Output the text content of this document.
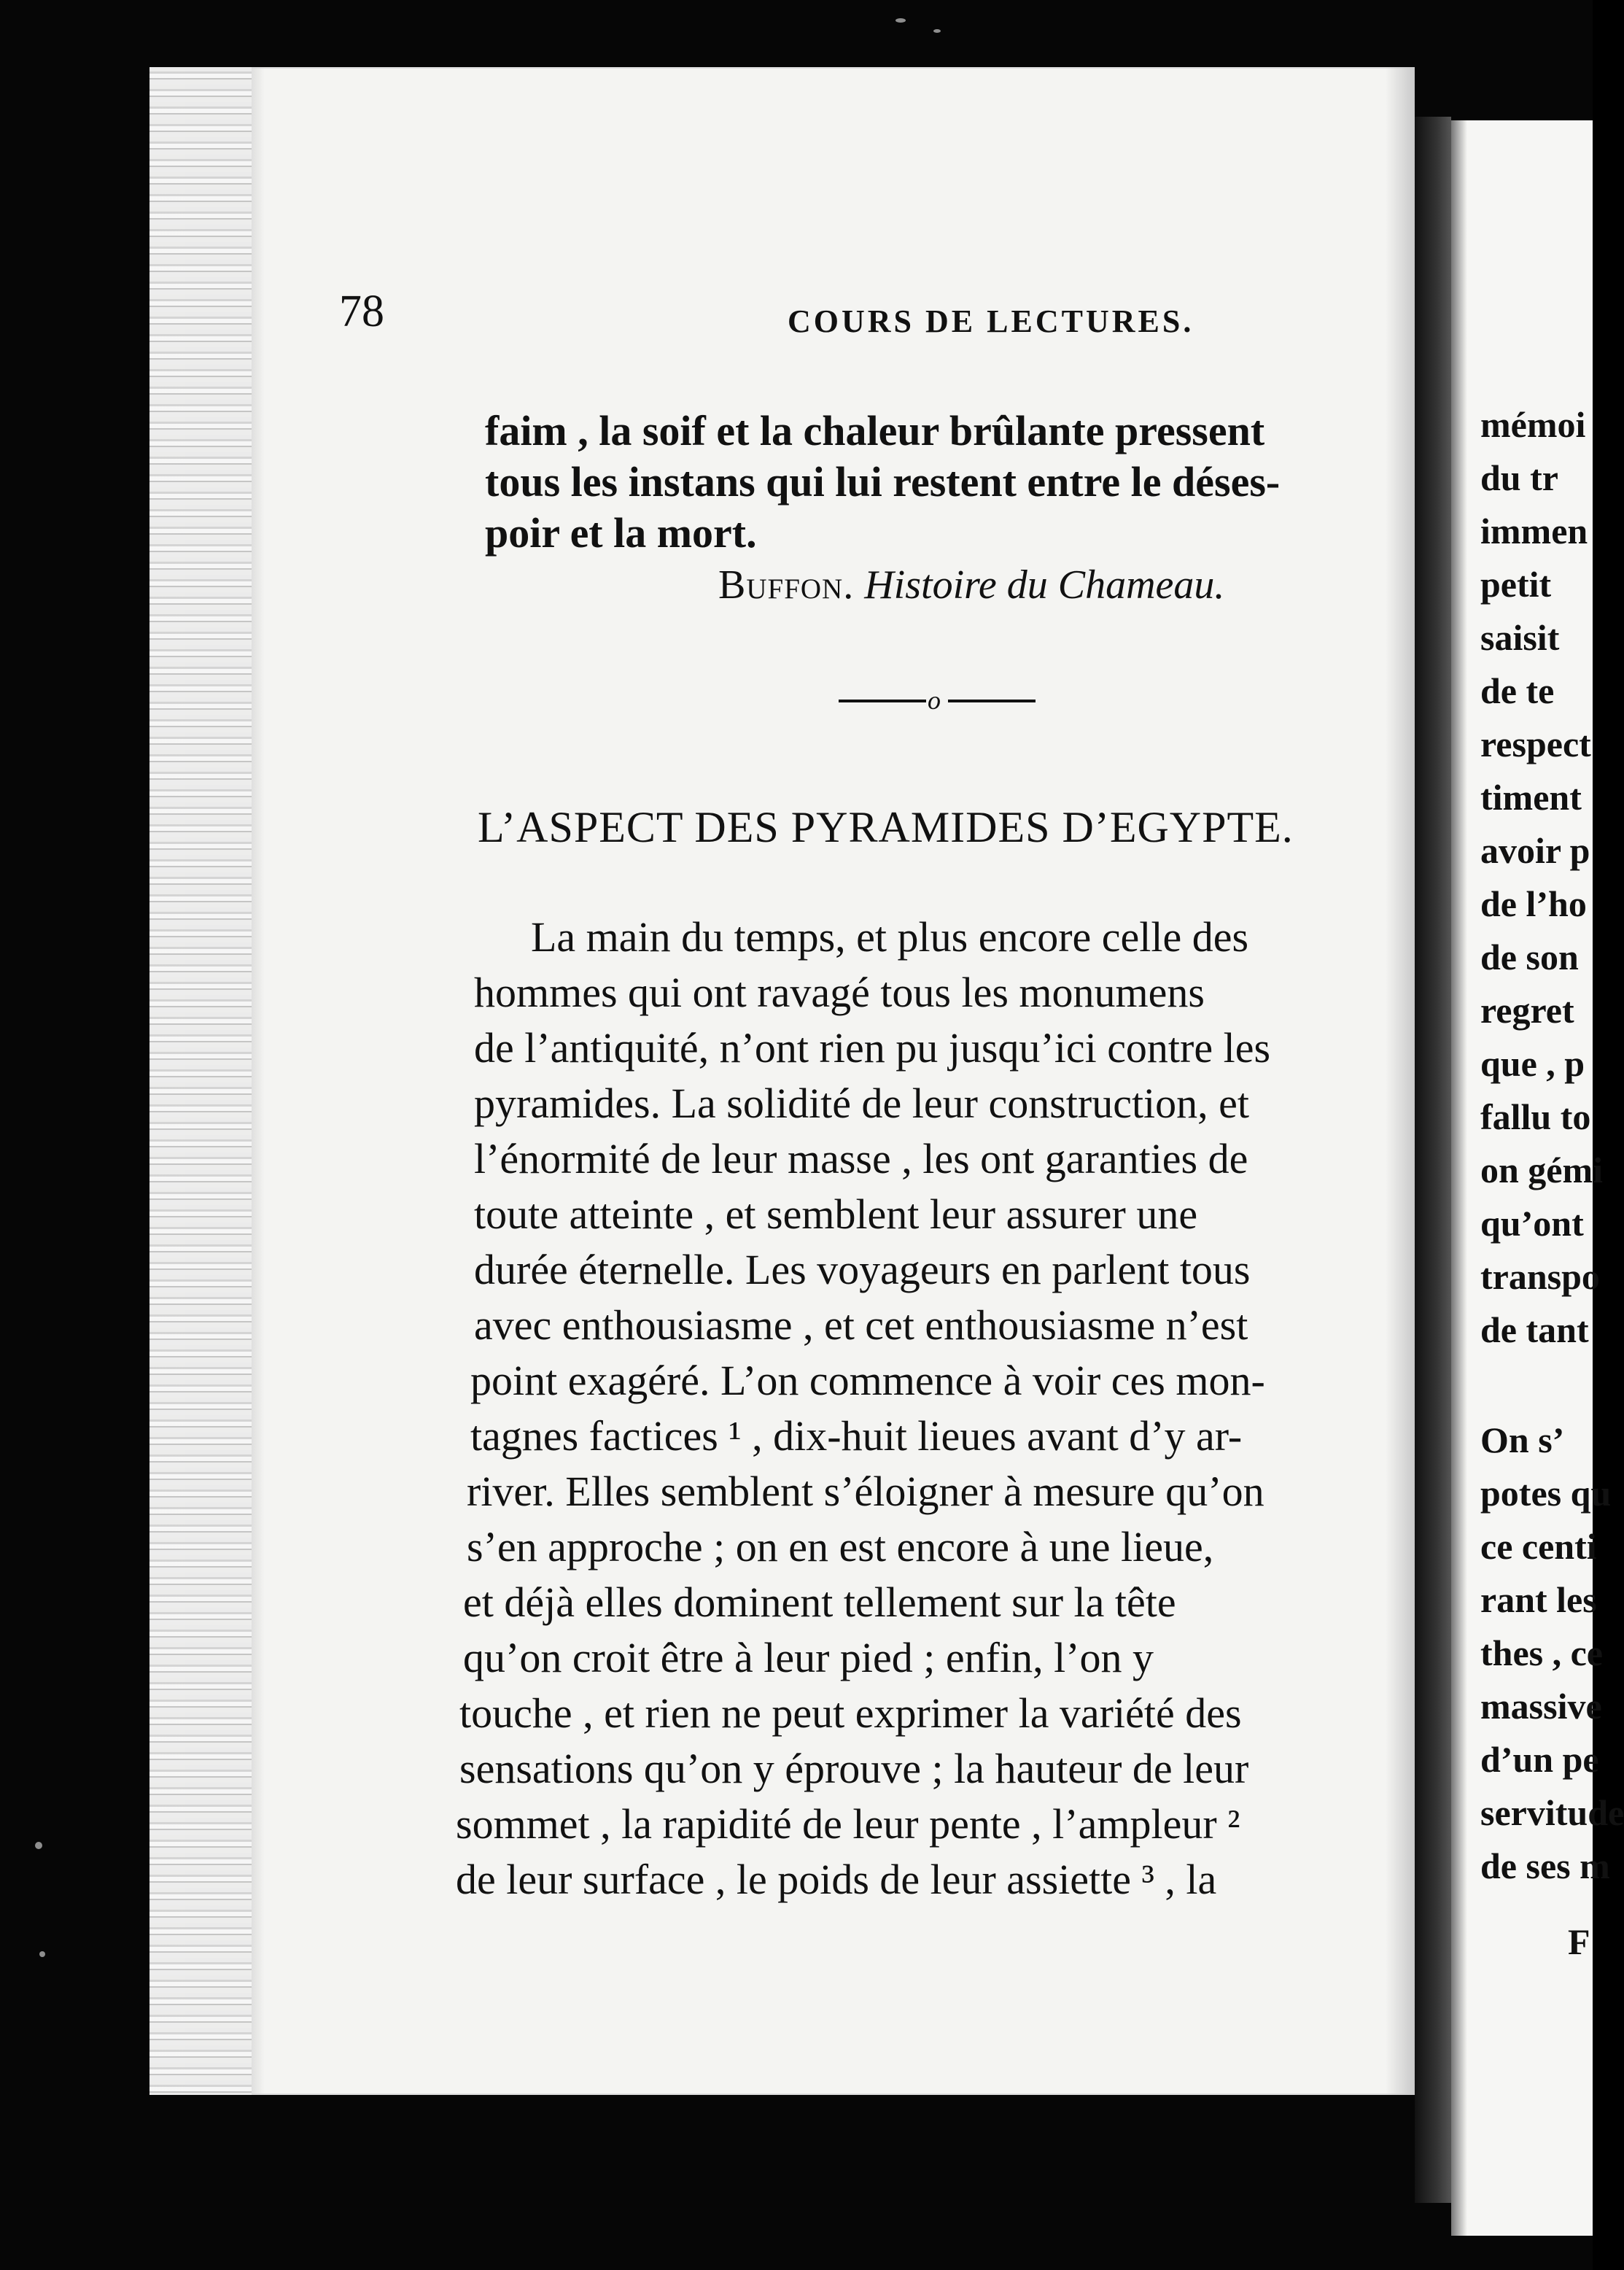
78	COURS DE LECTURES.
faim , la soif et la chaleur brûlante pressent
tous les instans qui lui restent entre le déses-
poir et la mort.
Buffon. Histoire du Chameau.
o
L’ASPECT DES PYRAMIDES D’EGYPTE.
La main du temps, et plus encore celle des
hommes qui ont ravagé tous les monumens
de l’antiquité, n’ont rien pu jusqu’ici contre les
pyramides. La solidité de leur construction, et
l’énormité de leur masse , les ont garanties de
toute atteinte , et semblent leur assurer une
durée éternelle. Les voyageurs en parlent tous
avec enthousiasme , et cet enthousiasme n’est
point exagéré. L’on commence à voir ces mon-
tagnes factices ¹ , dix-huit lieues avant d’y ar-
river. Elles semblent s’éloigner à mesure qu’on
s’en approche ; on en est encore à une lieue,
et déjà elles dominent tellement sur la tête
qu’on croit être à leur pied ; enfin, l’on y
touche , et rien ne peut exprimer la variété des
sensations qu’on y éprouve ; la hauteur de leur
sommet , la rapidité de leur pente , l’ampleur ²
de leur surface , le poids de leur assiette ³ , la
mémoi
du tr
immen
petit
saisit
de te
respect
timent
avoir p
de l’ho
de son
regret
que , p
fallu to
on gémi
qu’ont
transpo
de tant
On s’
potes qu
ce centi
rant les
thes , ce
massive
d’un pe
servitude
de ses m
F
